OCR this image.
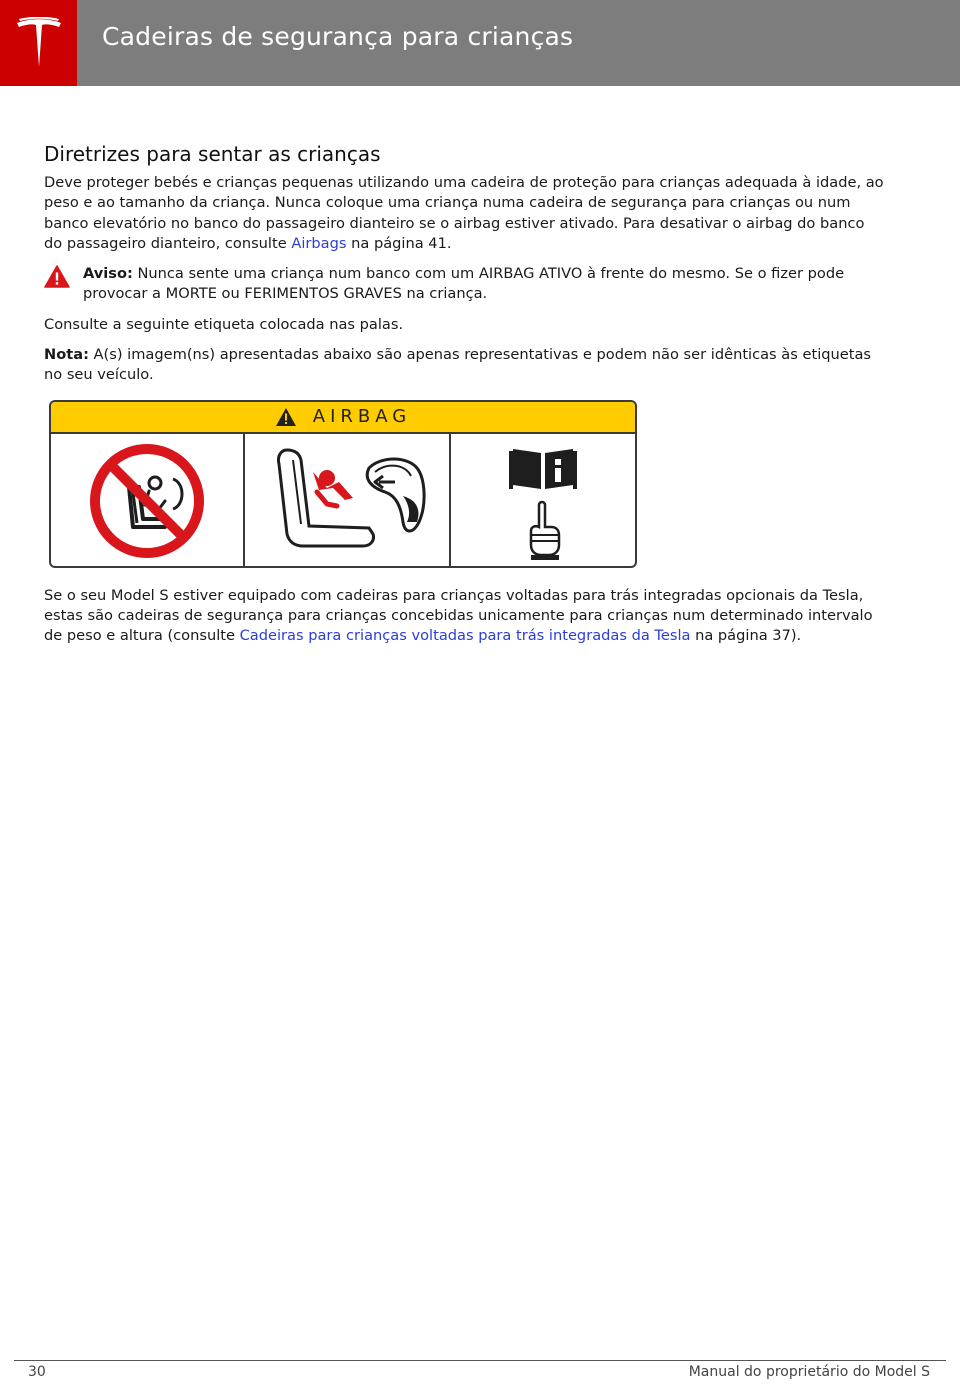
Cadeiras de segurança para crianças
Diretrizes para sentar as crianças

Deve proteger bebés e crianças pequenas utilizando uma cadeira de proteção para crianças adequada à idade, ao peso e ao tamanho da criança. Nunca coloque uma criança numa cadeira de segurança para crianças ou num banco elevatório no banco do passageiro dianteiro se o airbag estiver ativado. Para desativar o airbag do banco do passageiro dianteiro, consulte Airbags na página 41.

Aviso: Nunca sente uma criança num banco com um AIRBAG ATIVO à frente do mesmo. Se o fizer pode provocar a MORTE ou FERIMENTOS GRAVES na criança.

Consulte a seguinte etiqueta colocada nas palas.

Nota: A(s) imagem(ns) apresentadas abaixo são apenas representativas e podem não ser idênticas às etiquetas no seu veículo.

AIRBAG

Se o seu Model S estiver equipado com cadeiras para crianças voltadas para trás integradas opcionais da Tesla, estas são cadeiras de segurança para crianças concebidas unicamente para crianças num determinado intervalo de peso e altura (consulte Cadeiras para crianças voltadas para trás integradas da Tesla na página 37).

30	Manual do proprietário do Model S
